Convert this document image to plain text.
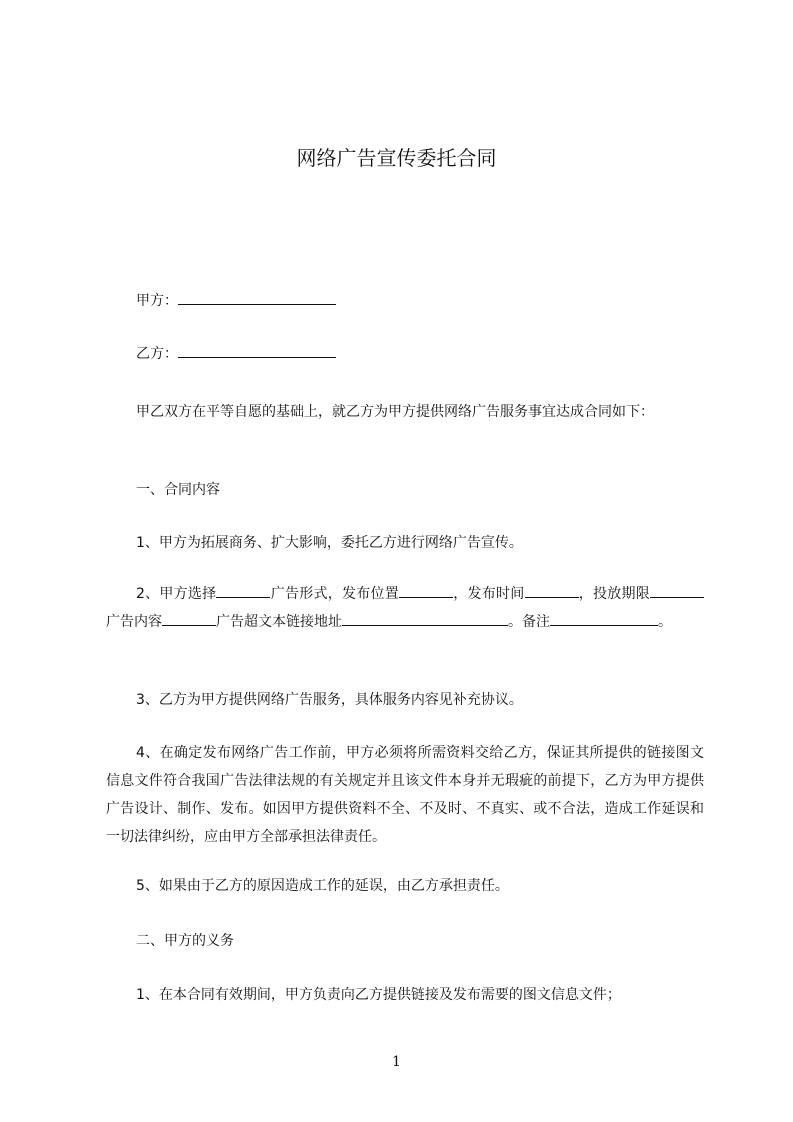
网络广告宣传委托合同
甲方：
乙方：
甲乙双方在平等自愿的基础上，就乙方为甲方提供网络广告服务事宜达成合同如下：
一、合同内容
1、甲方为拓展商务、扩大影响，委托乙方进行网络广告宣传。
2、甲方选择	广告形式，发布位置	，发布时间	，投放期限广告内容	广告超文本链接地址	。备注	。
3、乙方为甲方提供网络广告服务，具体服务内容见补充协议。
4、在确定发布网络广告工作前，甲方必须将所需资料交给乙方，保证其所提供的链接图文信息文件符合我国广告法律法规的有关规定并且该文件本身并无瑕疵的前提下，乙方为甲方提供广告设计、制作、发布。如因甲方提供资料不全、不及时、不真实、或不合法，造成工作延误和一切法律纠纷，应由甲方全部承担法律责任。
5、如果由于乙方的原因造成工作的延误，由乙方承担责任。
二、甲方的义务
1、在本合同有效期间，甲方负责向乙方提供链接及发布需要的图文信息文件；
1
